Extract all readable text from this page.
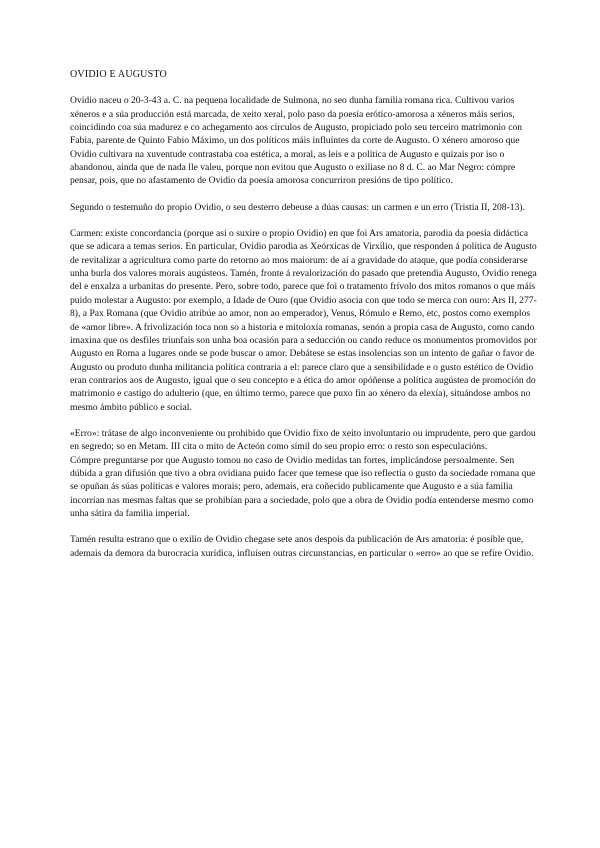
OVIDIO E AUGUSTO

Ovidio naceu o 20-3-43 a. C. na pequena localidade de Sulmona, no seo dunha familia romana rica. Cultivou varios xéneros e a súa producción está marcada, de xeito xeral, polo paso da poesía erótico-amorosa a xéneros máis serios, coincidindo coa súa madurez e co achegamento aos círculos de Augusto, propiciado polo seu terceiro matrimonio con Fabia, parente de Quinto Fabio Máximo, un dos políticos máis influíntes da corte de Augusto. O xénero amoroso que Ovidio cultivara na xuventude contrastaba coa estética, a moral, as leis e a política de Augusto e quizais por iso o abandonou, ainda que de nada lle valeu, porque non evitou que Augusto o exiliase no 8 d. C. ao Mar Negro: cómpre pensar, pois, que no afastamento de Ovidio da poesía amorosa concurriron presións de tipo político.

Segundo o testemuño do propio Ovidio, o seu desterro debeuse a dúas causas: un carmen e un erro (Tristia II, 208-13).

Carmen: existe concordancia (porque así o suxire o propio Ovidio) en que foi Ars amatoria, parodia da poesía didáctica que se adicara a temas serios. En particular, Ovidio parodia as Xeórxicas de Virxilio, que responden á política de Augusto de revitalizar a agricultura como parte do retorno ao mos maiorum: de aí a gravidade do ataque, que podía considerarse unha burla dos valores morais augústeos. Tamén, fronte á revalorización do pasado que pretendía Augusto, Ovidio renega del e enxalza a urbanitas do presente. Pero, sobre todo, parece que foi o tratamento frívolo dos mitos romanos o que máis puido molestar a Augusto: por exemplo, a Idade de Ouro (que Ovidio asocia con que todo se merca con ouro: Ars II, 277-8), a Pax Romana (que Ovidio atribúe ao amor, non ao emperador), Venus, Rómulo e Remo, etc, postos como exemplos de «amor libre». A frivolización toca non so a historia e mitoloxía romanas, senón a propia casa de Augusto, como cando imaxina que os desfiles triunfais son unha boa ocasión para a seducción ou cando reduce os monumentos promovidos por Augusto en Roma a lugares onde se pode buscar o amor. Debátese se estas insolencias son un intento de gañar o favor de Augusto ou produto dunha militancia política contraria a el: parece claro que a sensibilidade e o gusto estético de Ovidio eran contrarios aos de Augusto, igual que o seu concepto e a ética do amor opóñense a política augústea de promoción do matrimonio e castigo do adulterio (que, en último termo, parece que puxo fin ao xénero da elexía), situándose ambos no mesmo ámbito público e social.

«Erro»: trátase de algo inconveniente ou prohibido que Ovidio fixo de xeito involuntario ou imprudente, pero que gardou en segredo; so en Metam. III cita o mito de Acteón como símil do seu propio erro: o resto son especulacións.

Cómpre preguntarse por que Augusto tomou no caso de Ovidio medidas tan fortes, implicándose persoalmente. Sen dúbida a gran difusión que tivo a obra ovidiana puido facer que temese que iso reflectía o gusto da sociedade romana que se opuñan ás súas políticas e valores morais; pero, ademais, era coñecido publicamente que Augusto e a súa familia incorrían nas mesmas faltas que se prohibían para a sociedade, polo que a obra de Ovidio podía entenderse mesmo como unha sátira da familia imperial.

Tamén resulta estrano que o exilio de Ovidio chegase sete anos despois da publicación de Ars amatoria: é posible que, ademais da demora da burocracia xurídica, influísen outras circunstancias, en particular o «erro» ao que se refire Ovidio.
